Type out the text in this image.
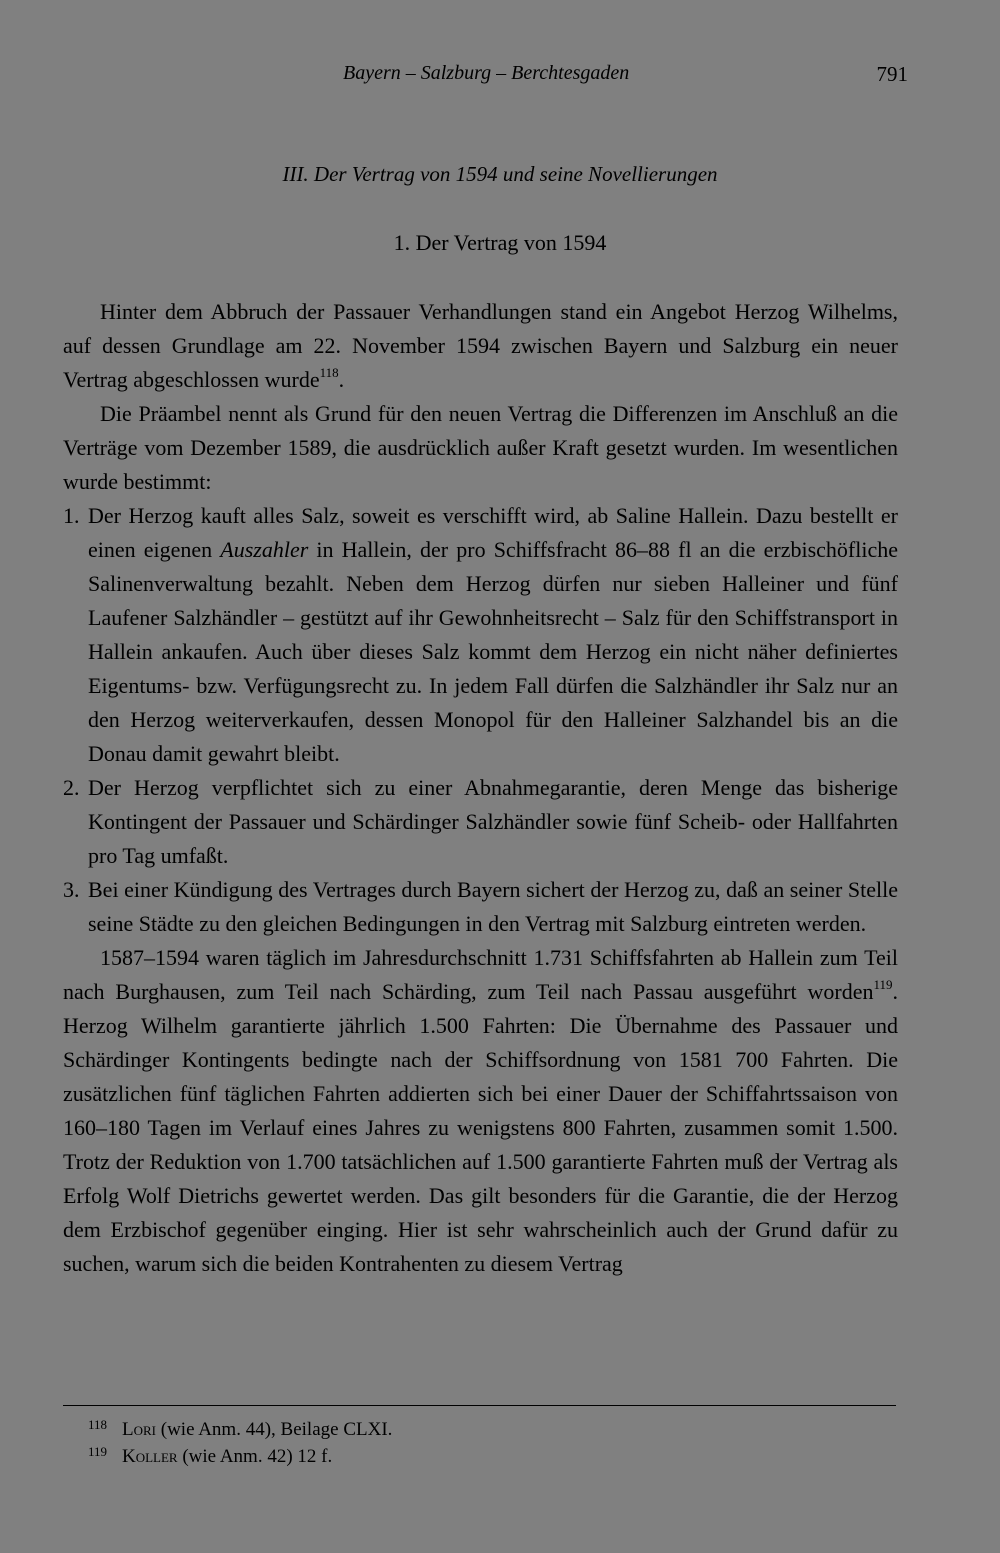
Bayern – Salzburg – Berchtesgaden	791
III. Der Vertrag von 1594 und seine Novellierungen
1. Der Vertrag von 1594

Hinter dem Abbruch der Passauer Verhandlungen stand ein Angebot Herzog Wilhelms, auf dessen Grundlage am 22. November 1594 zwischen Bayern und Salzburg ein neuer Vertrag abgeschlossen wurde$^{118}$.

Die Präambel nennt als Grund für den neuen Vertrag die Differenzen im Anschluß an die Verträge vom Dezember 1589, die ausdrücklich außer Kraft gesetzt wurden. Im wesentlichen wurde bestimmt:

1. Der Herzog kauft alles Salz, soweit es verschifft wird, ab Saline Hallein. Dazu bestellt er einen eigenen Auszahler in Hallein, der pro Schiffsfracht 86–88 fl an die erzbischöfliche Salinenverwaltung bezahlt. Neben dem Herzog dürfen nur sieben Halleiner und fünf Laufener Salzhändler – gestützt auf ihr Gewohnheitsrecht – Salz für den Schiffstransport in Hallein ankaufen. Auch über dieses Salz kommt dem Herzog ein nicht näher definiertes Eigentums- bzw. Verfügungsrecht zu. In jedem Fall dürfen die Salzhändler ihr Salz nur an den Herzog weiterverkaufen, dessen Monopol für den Halleiner Salzhandel bis an die Donau damit gewahrt bleibt.
2. Der Herzog verpflichtet sich zu einer Abnahmegarantie, deren Menge das bisherige Kontingent der Passauer und Schärdinger Salzhändler sowie fünf Scheib- oder Hallfahrten pro Tag umfaßt.
3. Bei einer Kündigung des Vertrages durch Bayern sichert der Herzog zu, daß an seiner Stelle seine Städte zu den gleichen Bedingungen in den Vertrag mit Salzburg eintreten werden.

1587–1594 waren täglich im Jahresdurchschnitt 1.731 Schiffsfahrten ab Hallein zum Teil nach Burghausen, zum Teil nach Schärding, zum Teil nach Passau ausgeführt worden$^{119}$. Herzog Wilhelm garantierte jährlich 1.500 Fahrten: Die Übernahme des Passauer und Schärdinger Kontingents bedingte nach der Schiffsordnung von 1581 700 Fahrten. Die zusätzlichen fünf täglichen Fahrten addierten sich bei einer Dauer der Schiffahrtssaison von 160–180 Tagen im Verlauf eines Jahres zu wenigstens 800 Fahrten, zusammen somit 1.500. Trotz der Reduktion von 1.700 tatsächlichen auf 1.500 garantierte Fahrten muß der Vertrag als Erfolg Wolf Dietrichs gewertet werden. Das gilt besonders für die Garantie, die der Herzog dem Erzbischof gegenüber einging. Hier ist sehr wahrscheinlich auch der Grund dafür zu suchen, warum sich die beiden Kontrahenten zu diesem Vertrag

118 Lori (wie Anm. 44), Beilage CLXI.
119 Koller (wie Anm. 42) 12 f.
